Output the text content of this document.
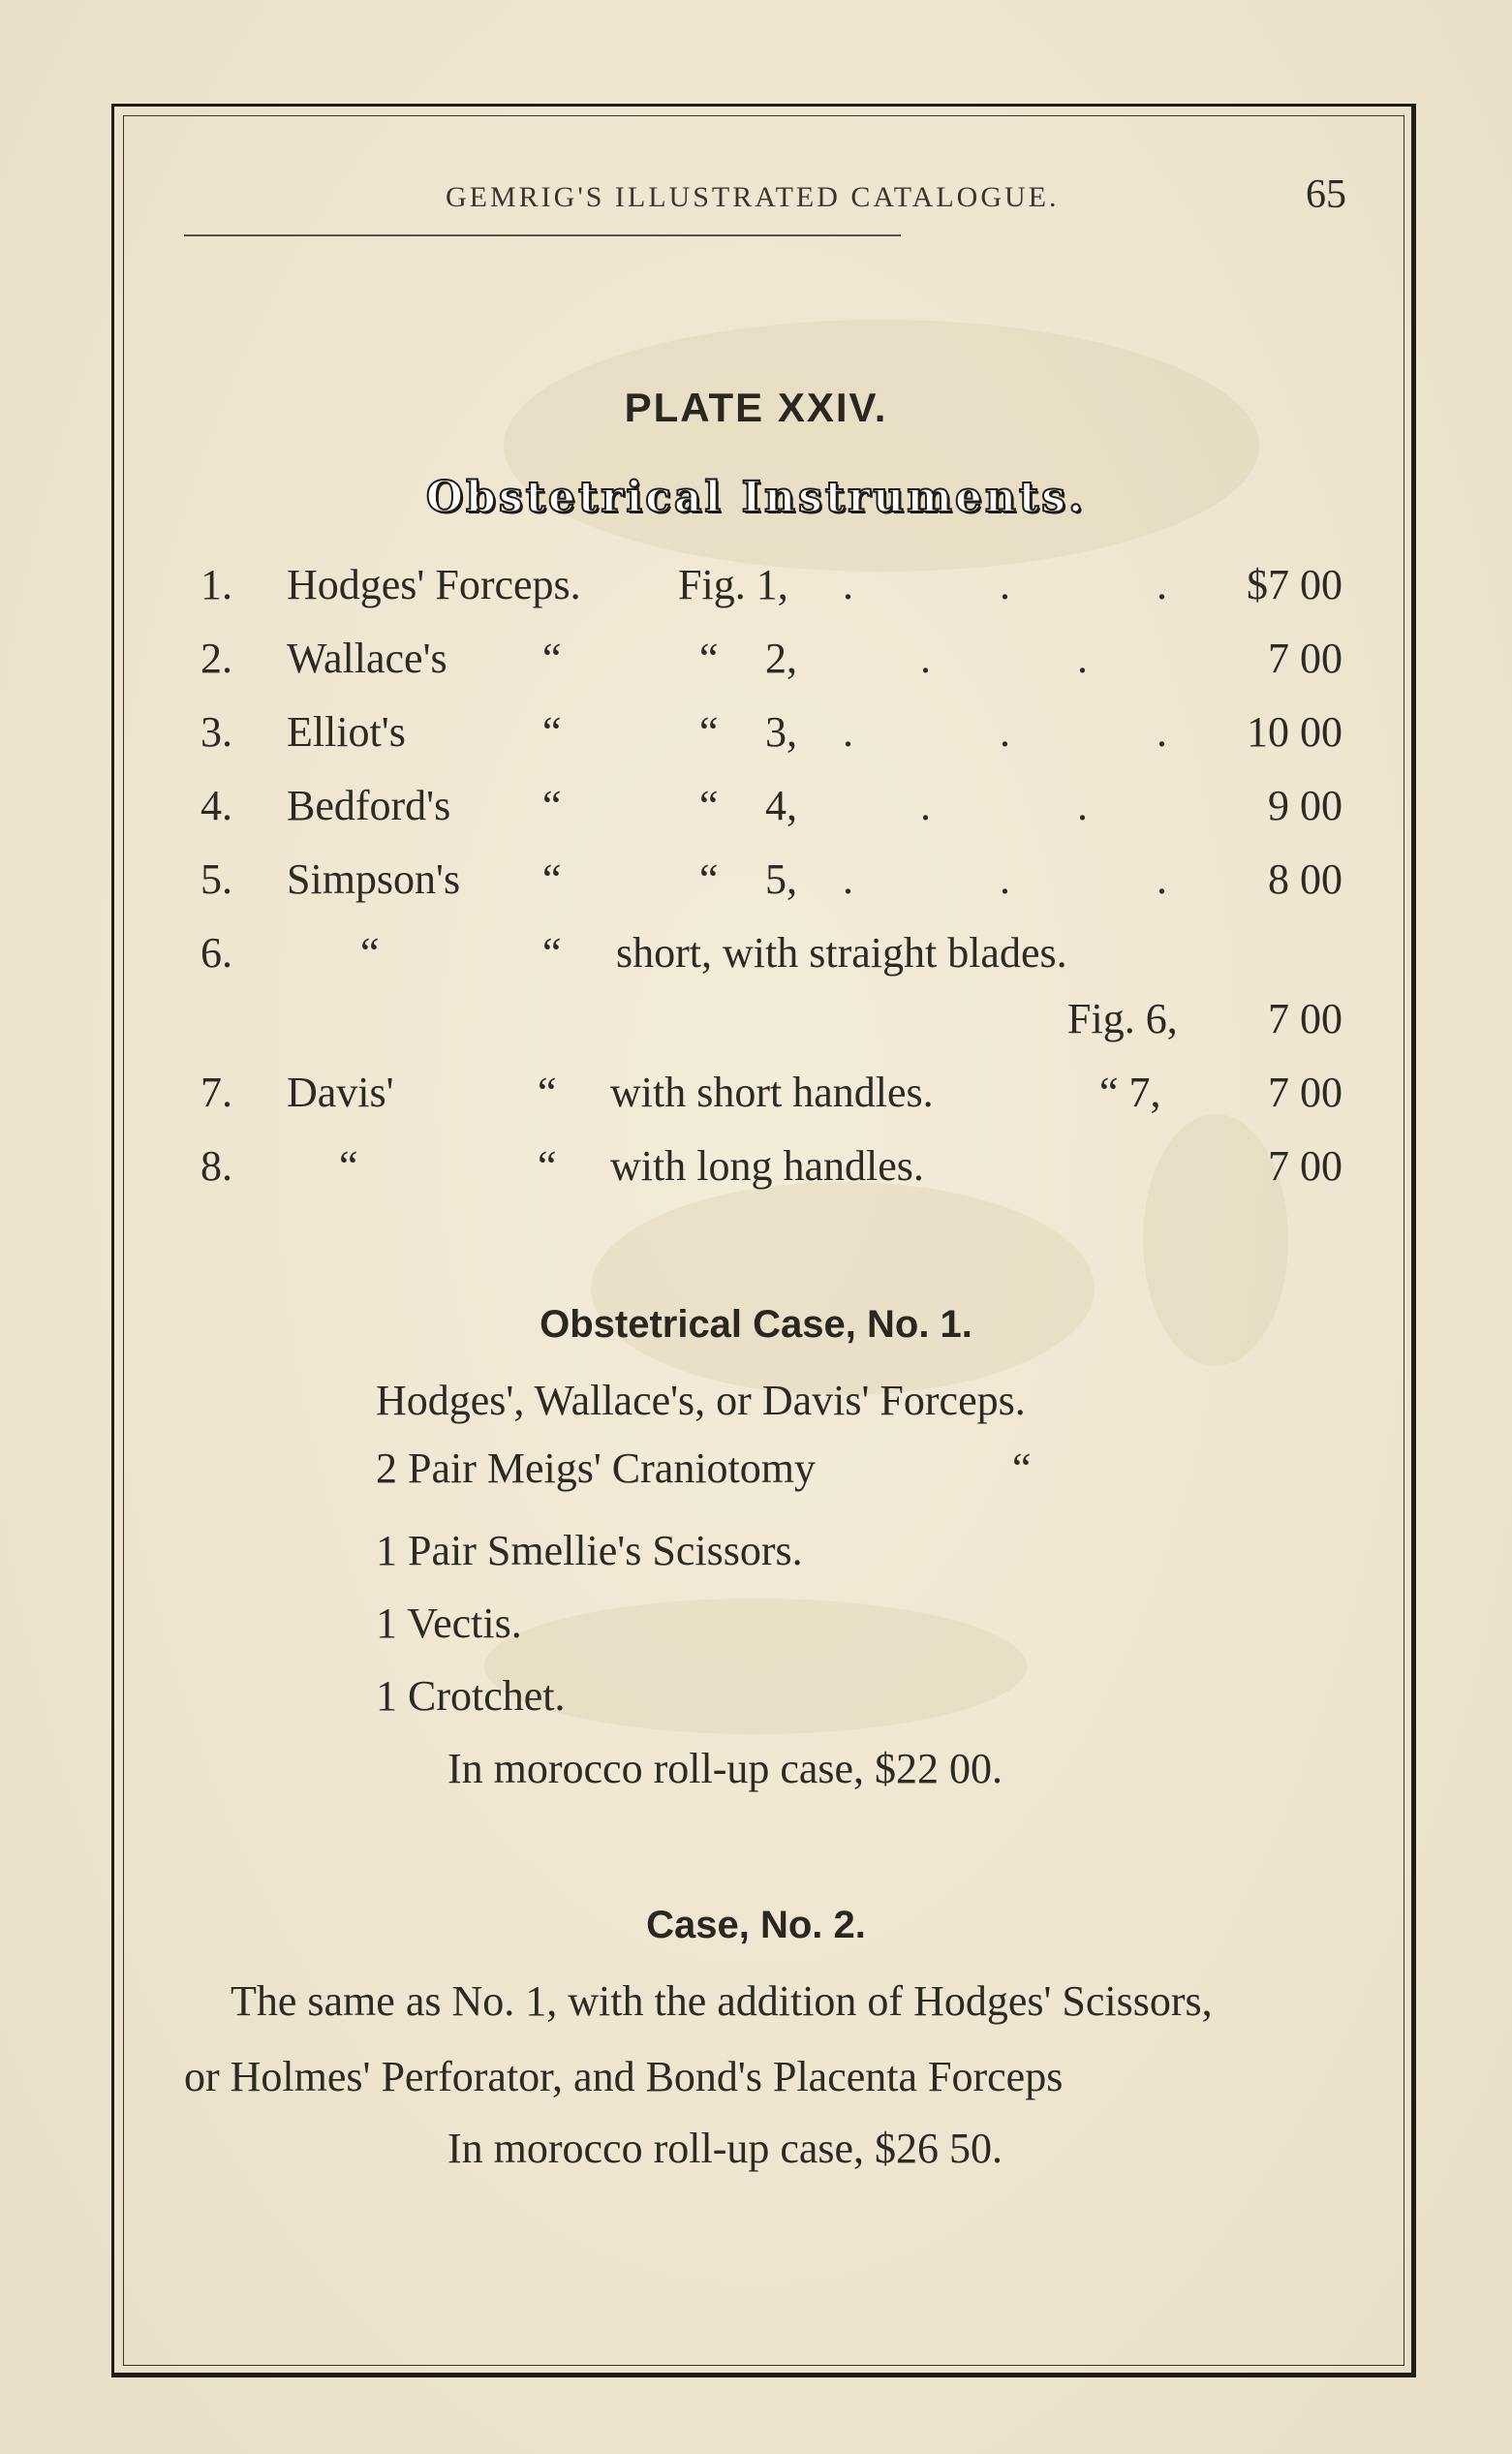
GEMRIG'S ILLUSTRATED CATALOGUE.	65
PLATE XXIV.
Obstetrical Instruments.
1. Hodges' Forceps. Fig. 1, . . . $7 00
2. Wallace's “	“ 2,	. .	7 00
3. Elliot's	“	“ 3, . . . 10 00
4. Bedford's “	“ 4,	. .	9 00
5. Simpson's “	“ 5, . . . 8 00
6.	“	“ short, with straight blades.
Fig. 6, 7 00
7. Davis'	“ with short handles.	“ 7,	7 00
8.	“	“ with long handles.	7 00
Obstetrical Case, No. 1.
Hodges', Wallace's, or Davis' Forceps.
2 Pair Meigs' Craniotomy	“
1 Pair Smellie's Scissors.
1 Vectis.
1 Crotchet.
In morocco roll-up case, $22 00.
Case, No. 2.
The same as No. 1, with the addition of Hodges' Scissors,
or Holmes' Perforator, and Bond's Placenta Forceps
In morocco roll-up case, $26 50.
